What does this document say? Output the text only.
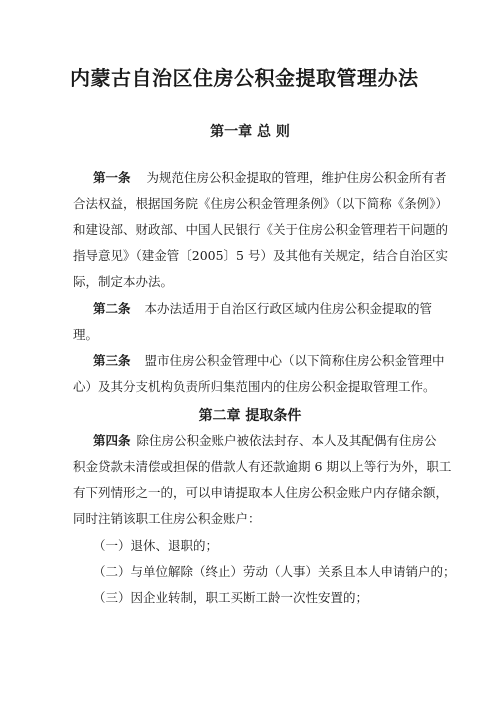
内蒙古自治区住房公积金提取管理办法
第一章 总 则
第一条 为规范住房公积金提取的管理，维护住房公积金所有者
合法权益，根据国务院《住房公积金管理条例》（以下简称《条例》）
和建设部、财政部、中国人民银行《关于住房公积金管理若干问题的
指导意见》（建金管〔2005〕5 号）及其他有关规定，结合自治区实
际，制定本办法。
第二条 本办法适用于自治区行政区域内住房公积金提取的管
理。
第三条 盟市住房公积金管理中心（以下简称住房公积金管理中
心）及其分支机构负责所归集范围内的住房公积金提取管理工作。
第二章 提取条件
第四条 除住房公积金账户被依法封存、本人及其配偶有住房公
积金贷款未清偿或担保的借款人有还款逾期 6 期以上等行为外，职工
有下列情形之一的，可以申请提取本人住房公积金账户内存储余额，
同时注销该职工住房公积金账户：
（一）退休、退职的；
（二）与单位解除（终止）劳动（人事）关系且本人申请销户的；
（三）因企业转制，职工买断工龄一次性安置的；
